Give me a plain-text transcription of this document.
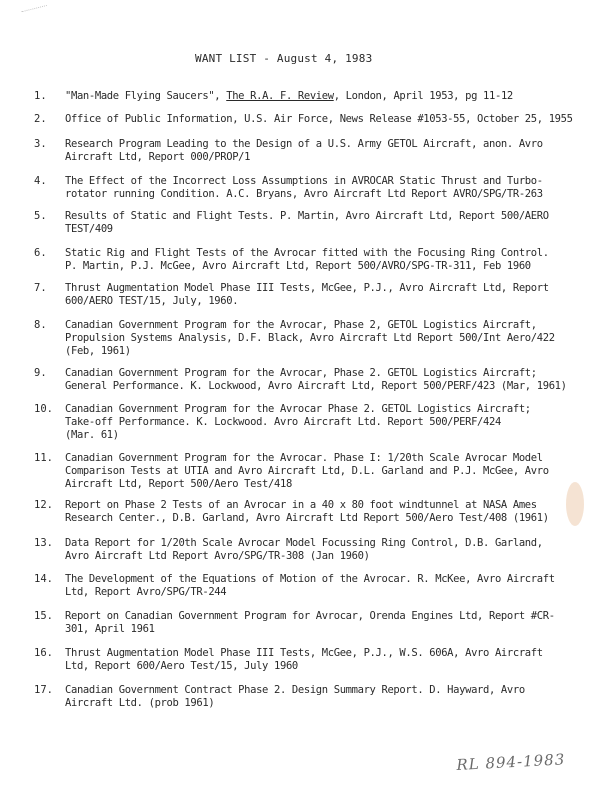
WANT LIST - August 4, 1983
1. "Man-Made Flying Saucers", The R.A. F. Review, London, April 1953, pg 11-12
2. Office of Public Information, U.S. Air Force, News Release #1053-55, October 25, 1955
3. Research Program Leading to the Design of a U.S. Army GETOL Aircraft, anon. Avro
Aircraft Ltd, Report 000/PROP/1
4. The Effect of the Incorrect Loss Assumptions in AVROCAR Static Thrust and Turbo-
rotator running Condition. A.C. Bryans, Avro Aircraft Ltd Report AVRO/SPG/TR-263
5. Results of Static and Flight Tests. P. Martin, Avro Aircraft Ltd, Report 500/AERO
TEST/409
6. Static Rig and Flight Tests of the Avrocar fitted with the Focusing Ring Control.
P. Martin, P.J. McGee, Avro Aircraft Ltd, Report 500/AVRO/SPG-TR-311, Feb 1960
7. Thrust Augmentation Model Phase III Tests, McGee, P.J., Avro Aircraft Ltd, Report
600/AERO TEST/15, July, 1960.
8. Canadian Government Program for the Avrocar, Phase 2, GETOL Logistics Aircraft,
Propulsion Systems Analysis, D.F. Black, Avro Aircraft Ltd Report 500/Int Aero/422
(Feb, 1961)
9. Canadian Government Program for the Avrocar, Phase 2. GETOL Logistics Aircraft;
General Performance. K. Lockwood, Avro Aircraft Ltd, Report 500/PERF/423 (Mar, 1961)
10. Canadian Government Program for the Avrocar Phase 2. GETOL Logistics Aircraft;
Take-off Performance. K. Lockwood. Avro Aircraft Ltd. Report 500/PERF/424
(Mar. 61)
11. Canadian Government Program for the Avrocar. Phase I: 1/20th Scale Avrocar Model
Comparison Tests at UTIA and Avro Aircraft Ltd, D.L. Garland and P.J. McGee, Avro
Aircraft Ltd, Report 500/Aero Test/418
12. Report on Phase 2 Tests of an Avrocar in a 40 x 80 foot windtunnel at NASA Ames
Research Center., D.B. Garland, Avro Aircraft Ltd Report 500/Aero Test/408 (1961)
13. Data Report for 1/20th Scale Avrocar Model Focussing Ring Control, D.B. Garland,
Avro Aircraft Ltd Report Avro/SPG/TR-308 (Jan 1960)
14. The Development of the Equations of Motion of the Avrocar. R. McKee, Avro Aircraft
Ltd, Report Avro/SPG/TR-244
15. Report on Canadian Government Program for Avrocar, Orenda Engines Ltd, Report #CR-
301, April 1961
16. Thrust Augmentation Model Phase III Tests, McGee, P.J., W.S. 606A, Avro Aircraft
Ltd, Report 600/Aero Test/15, July 1960
17. Canadian Government Contract Phase 2. Design Summary Report. D. Hayward, Avro
Aircraft Ltd. (prob 1961)
RL 894-1983
